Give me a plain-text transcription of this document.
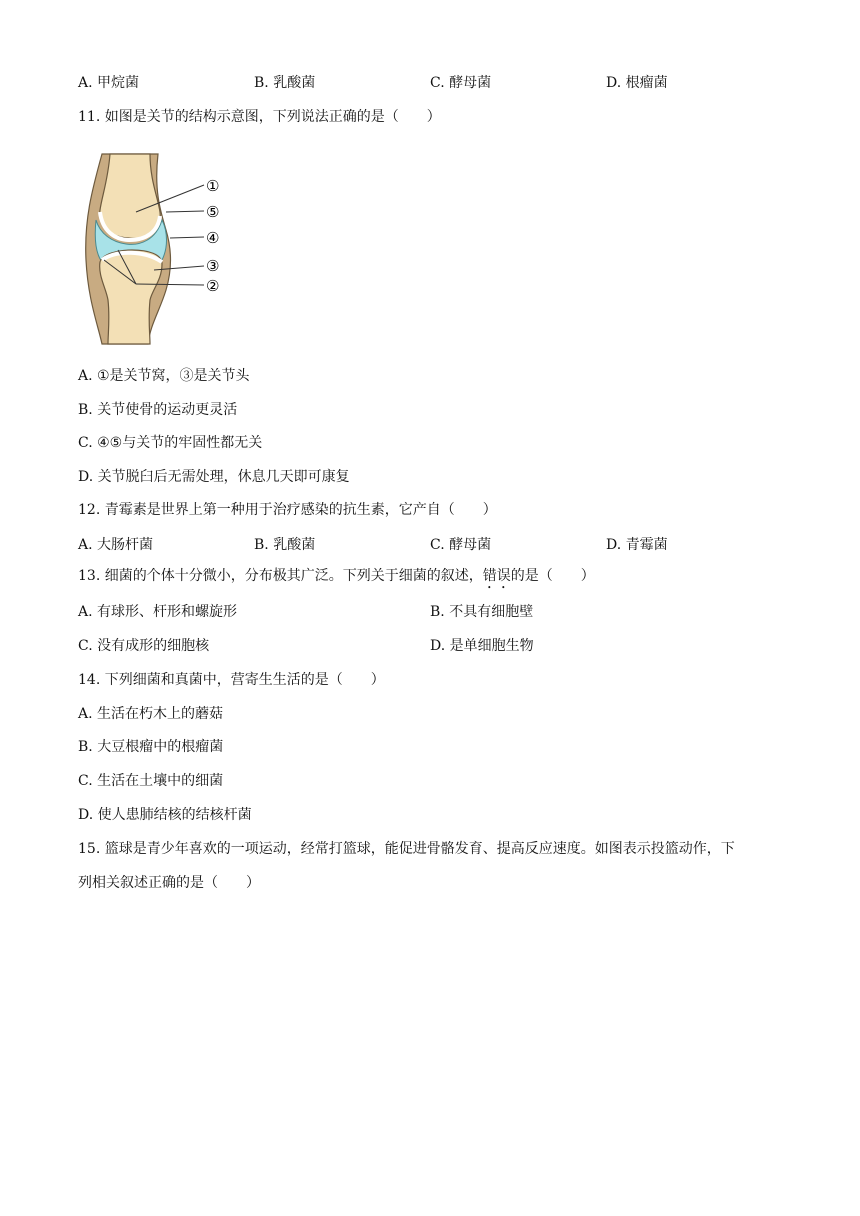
A. 甲烷菌	B. 乳酸菌	C. 酵母菌	D. 根瘤菌
11. 如图是关节的结构示意图，下列说法正确的是（　　）
①
⑤
④
③
②
A. ①是关节窝，③是关节头
B. 关节使骨的运动更灵活
C. ④⑤与关节的牢固性都无关
D. 关节脱臼后无需处理，休息几天即可康复
12. 青霉素是世界上第一种用于治疗感染的抗生素，它产自（　　）
A. 大肠杆菌	B. 乳酸菌	C. 酵母菌	D. 青霉菌
13. 细菌的个体十分微小，分布极其广泛。下列关于细菌的叙述，错误的是（　　）
A. 有球形、杆形和螺旋形	B. 不具有细胞壁
C. 没有成形的细胞核	D. 是单细胞生物
14. 下列细菌和真菌中，营寄生生活的是（　　）
A. 生活在朽木上的蘑菇
B. 大豆根瘤中的根瘤菌
C. 生活在土壤中的细菌
D. 使人患肺结核的结核杆菌
15. 篮球是青少年喜欢的一项运动，经常打篮球，能促进骨骼发育、提高反应速度。如图表示投篮动作，下
列相关叙述正确的是（　　）
